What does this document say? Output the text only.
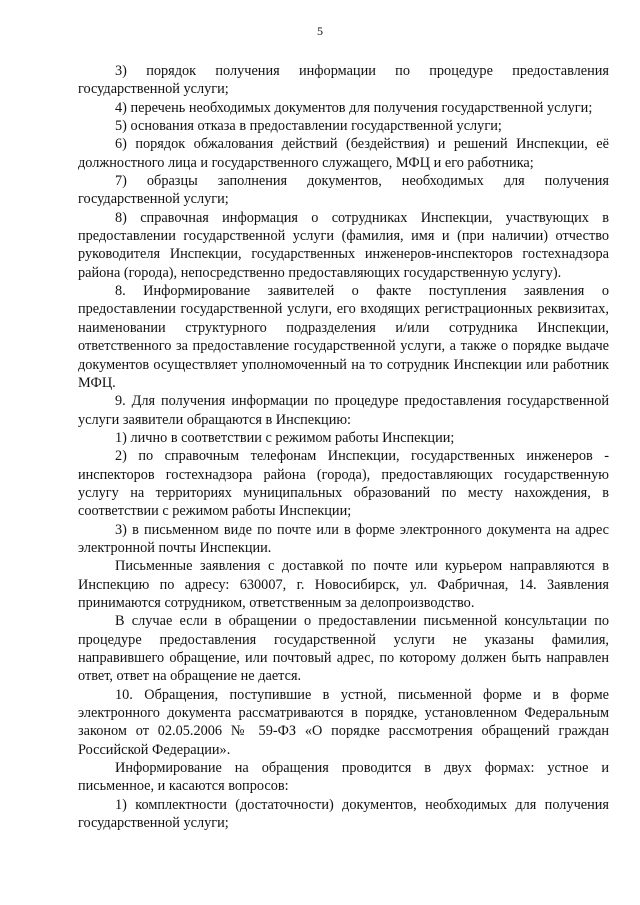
5

3) порядок получения информации по процедуре предоставления государственной услуги;

4) перечень необходимых документов для получения государственной услуги;

5) основания отказа в предоставлении государственной услуги;

6) порядок обжалования действий (бездействия) и решений Инспекции, её должностного лица и государственного служащего, МФЦ и его работника;

7) образцы заполнения документов, необходимых для получения государственной услуги;

8) справочная информация о сотрудниках Инспекции, участвующих в предоставлении государственной услуги (фамилия, имя и (при наличии) отчество руководителя Инспекции, государственных инженеров-инспекторов гостехнадзора района (города), непосредственно предоставляющих государственную услугу).

8. Информирование заявителей о факте поступления заявления о предоставлении государственной услуги, его входящих регистрационных реквизитах, наименовании структурного подразделения и/или сотрудника Инспекции, ответственного за предоставление государственной услуги, а также о порядке выдаче документов осуществляет уполномоченный на то сотрудник Инспекции или работник МФЦ.

9. Для получения информации по процедуре предоставления государственной услуги заявители обращаются в Инспекцию:

1) лично в соответствии с режимом работы Инспекции;

2) по справочным телефонам Инспекции, государственных инженеров - инспекторов гостехнадзора района (города), предоставляющих государственную услугу на территориях муниципальных образований по месту нахождения, в соответствии с режимом работы Инспекции;

3) в письменном виде по почте или в форме электронного документа на адрес электронной почты Инспекции.

Письменные заявления с доставкой по почте или курьером направляются в Инспекцию по адресу: 630007, г. Новосибирск, ул. Фабричная, 14. Заявления принимаются сотрудником, ответственным за делопроизводство.

В случае если в обращении о предоставлении письменной консультации по процедуре предоставления государственной услуги не указаны фамилия, направившего обращение, или почтовый адрес, по которому должен быть направлен ответ, ответ на обращение не дается.

10. Обращения, поступившие в устной, письменной форме и в форме электронного документа рассматриваются в порядке, установленном Федеральным законом от 02.05.2006 № 59-ФЗ «О порядке рассмотрения обращений граждан Российской Федерации».

Информирование на обращения проводится в двух формах: устное и письменное, и касаются вопросов:

1) комплектности (достаточности) документов, необходимых для получения государственной услуги;
